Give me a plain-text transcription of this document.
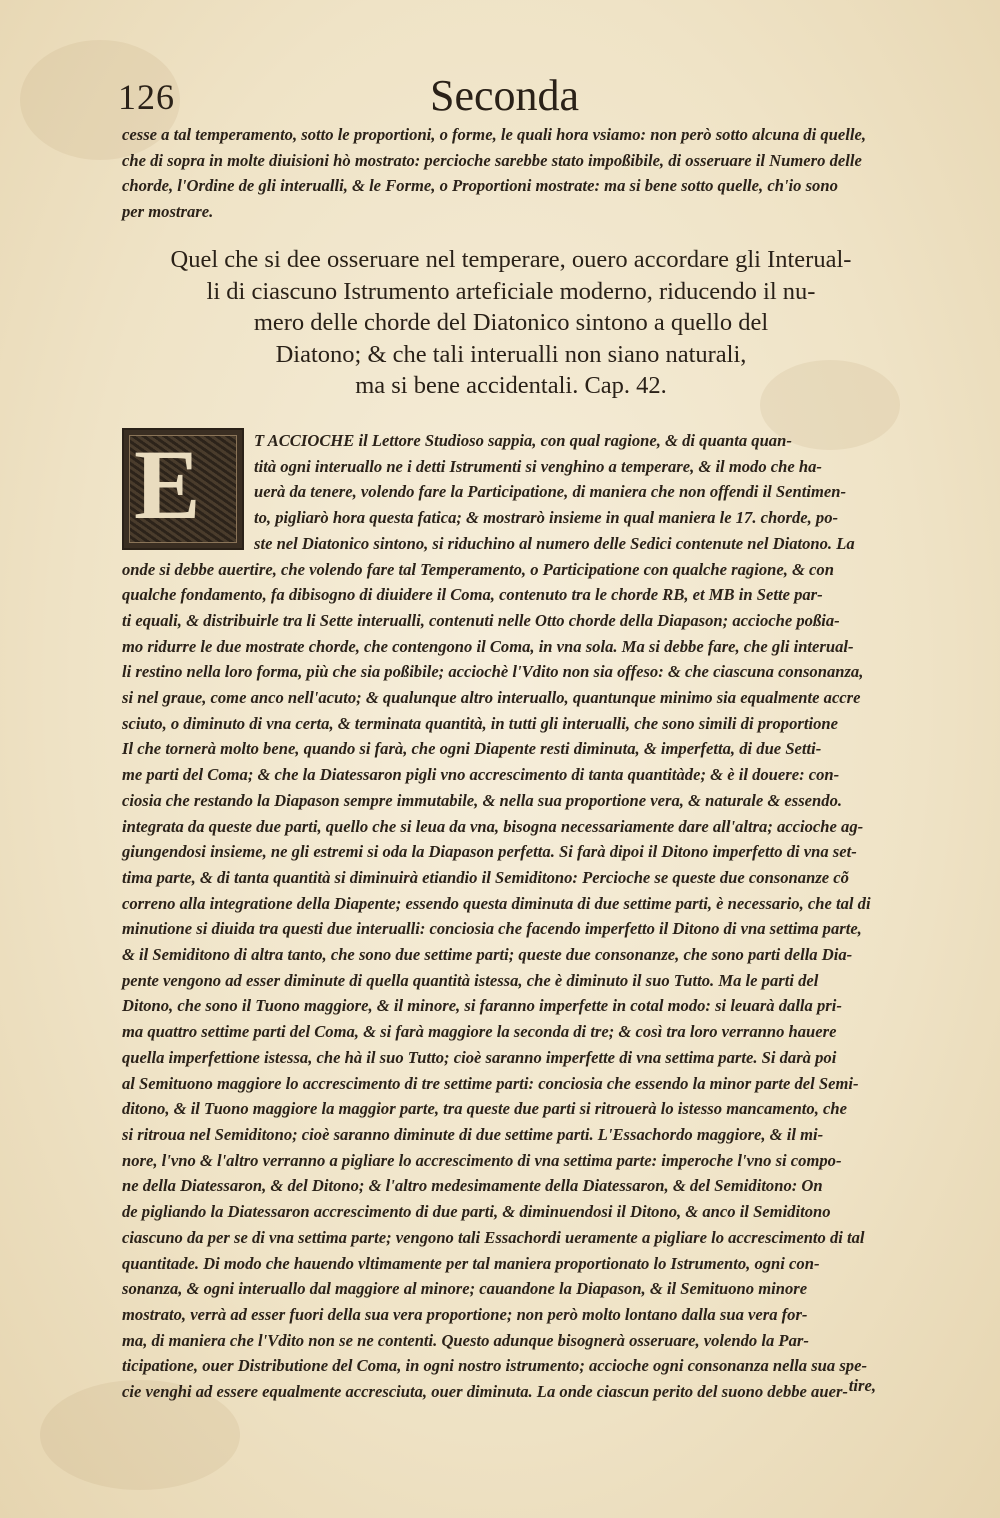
126	Seconda

cesse a tal temperamento, sotto le proportioni, o forme, le quali hora vsiamo: non però sotto alcuna di quelle,

che di sopra in molte diuisioni hò mostrato: percioche sarebbe stato impoßibile, di osseruare il Numero delle

chorde, l'Ordine de gli interualli, & le Forme, o Proportioni mostrate: ma si bene sotto quelle, ch'io sono

per mostrare.

Quel che si dee osseruare nel temperare, ouero accordare gli Interual-

li di ciascuno Istrumento arteficiale moderno, riducendo il nu-

mero delle chorde del Diatonico sintono a quello del

Diatono; & che tali interualli non siano naturali,

ma si bene accidentali. Cap. 42.

E	T ACCIOCHE il Lettore Studioso sappia, con qual ragione, & di quanta quan-

tità ogni interuallo ne i detti Istrumenti si venghino a temperare, & il modo che ha-

uerà da tenere, volendo fare la Participatione, di maniera che non offendi il Sentimen-

to, pigliarò hora questa fatica; & mostrarò insieme in qual maniera le 17. chorde, po-

ste nel Diatonico sintono, si riduchino al numero delle Sedici contenute nel Diatono. La

onde si debbe auertire, che volendo fare tal Temperamento, o Participatione con qualche ragione, & con

qualche fondamento, fa dibisogno di diuidere il Coma, contenuto tra le chorde RB, et MB in Sette par-

ti equali, & distribuirle tra li Sette interualli, contenuti nelle Otto chorde della Diapason; accioche poßia-

mo ridurre le due mostrate chorde, che contengono il Coma, in vna sola. Ma si debbe fare, che gli interual-

li restino nella loro forma, più che sia poßibile; acciochè l'Vdito non sia offeso: & che ciascuna consonanza,

si nel graue, come anco nell'acuto; & qualunque altro interuallo, quantunque minimo sia equalmente accre

sciuto, o diminuto di vna certa, & terminata quantità, in tutti gli interualli, che sono simili di proportione

Il che tornerà molto bene, quando si farà, che ogni Diapente resti diminuta, & imperfetta, di due Setti-

me parti del Coma; & che la Diatessaron pigli vno accrescimento di tanta quantitàde; & è il douere: con-

ciosia che restando la Diapason sempre immutabile, & nella sua proportione vera, & naturale & essendo.

integrata da queste due parti, quello che si leua da vna, bisogna necessariamente dare all'altra; accioche ag-

giungendosi insieme, ne gli estremi si oda la Diapason perfetta. Si farà dipoi il Ditono imperfetto di vna set-

tima parte, & di tanta quantità si diminuirà etiandio il Semiditono: Percioche se queste due consonanze cõ

correno alla integratione della Diapente; essendo questa diminuta di due settime parti, è necessario, che tal di

minutione si diuida tra questi due interualli: conciosia che facendo imperfetto il Ditono di vna settima parte,

& il Semiditono di altra tanto, che sono due settime parti; queste due consonanze, che sono parti della Dia-

pente vengono ad esser diminute di quella quantità istessa, che è diminuto il suo Tutto. Ma le parti del

Ditono, che sono il Tuono maggiore, & il minore, si faranno imperfette in cotal modo: si leuarà dalla pri-

ma quattro settime parti del Coma, & si farà maggiore la seconda di tre; & così tra loro verranno hauere

quella imperfettione istessa, che hà il suo Tutto; cioè saranno imperfette di vna settima parte. Si darà poi

al Semituono maggiore lo accrescimento di tre settime parti: conciosia che essendo la minor parte del Semi-

ditono, & il Tuono maggiore la maggior parte, tra queste due parti si ritrouerà lo istesso mancamento, che

si ritroua nel Semiditono; cioè saranno diminute di due settime parti. L'Essachordo maggiore, & il mi-

nore, l'vno & l'altro verranno a pigliare lo accrescimento di vna settima parte: imperoche l'vno si compo-

ne della Diatessaron, & del Ditono; & l'altro medesimamente della Diatessaron, & del Semiditono: On

de pigliando la Diatessaron accrescimento di due parti, & diminuendosi il Ditono, & anco il Semiditono

ciascuno da per se di vna settima parte; vengono tali Essachordi ueramente a pigliare lo accrescimento di tal

quantitade. Di modo che hauendo vltimamente per tal maniera proportionato lo Istrumento, ogni con-

sonanza, & ogni interuallo dal maggiore al minore; cauandone la Diapason, & il Semituono minore

mostrato, verrà ad esser fuori della sua vera proportione; non però molto lontano dalla sua vera for-

ma, di maniera che l'Vdito non se ne contenti. Questo adunque bisognerà osseruare, volendo la Par-

ticipatione, ouer Distributione del Coma, in ogni nostro istrumento; accioche ogni consonanza nella sua spe-

cie venghi ad essere equalmente accresciuta, ouer diminuta. La onde ciascun perito del suono debbe auer- tire,
